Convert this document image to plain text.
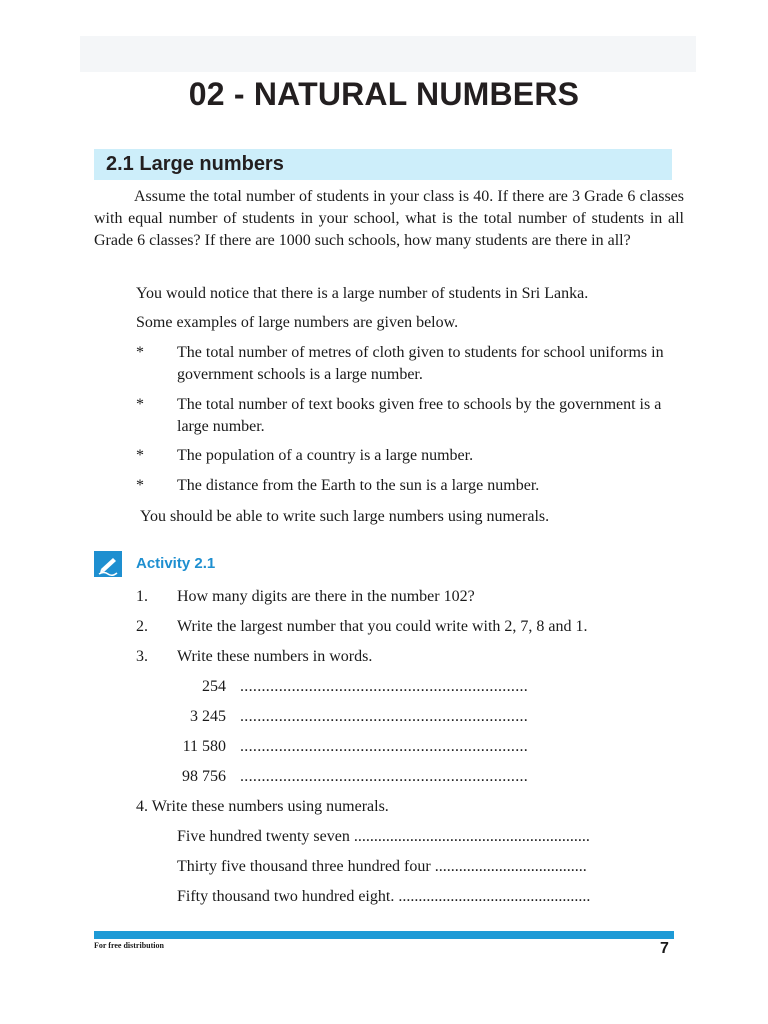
02 - NATURAL NUMBERS
2.1 Large numbers
Assume the total number of students in your class is 40. If there are 3 Grade 6 classes with equal number of students in your school, what is the total number of students in all Grade 6 classes? If there are 1000 such schools, how many students are there in all?
You would notice that there is a large number of students in Sri Lanka.
Some examples of large numbers are given below.
* The total number of metres of cloth given to students for school uniforms in government schools is a large number.
* The total number of text books given free to schools by the government is a large number.
* The population of a country is a large number.
* The distance from the Earth to the sun is a large number.
You should be able to write such large numbers using numerals.
Activity 2.1
1. How many digits are there in the number 102?
2. Write the largest number that you could write with 2, 7, 8 and 1.
3. Write these numbers in words.
254 ...................................................................
3 245 ...................................................................
11 580 ...................................................................
98 756 ...................................................................
4. Write these numbers using numerals.
Five hundred twenty seven ...........................................................
Thirty five thousand three hundred four ......................................
Fifty thousand two hundred eight. ................................................
For free distribution	7
